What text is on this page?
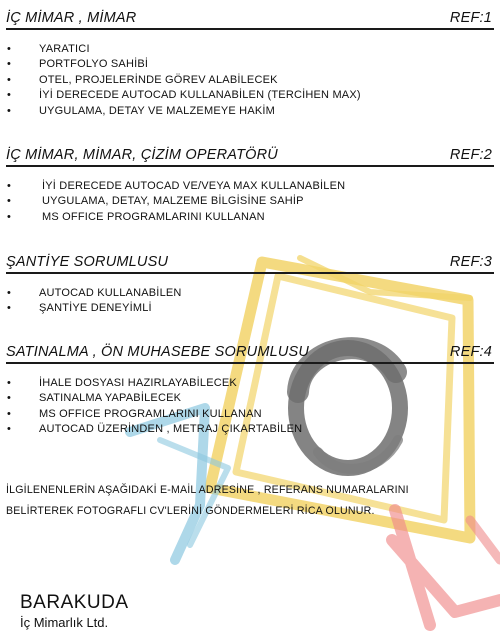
İÇ MİMAR , MİMAR	REF:1
•	YARATICI
•	PORTFOLYO SAHİBİ
•	OTEL, PROJELERİNDE GÖREV ALABİLECEK
•	İYİ DERECEDE AUTOCAD KULLANABİLEN (TERCİHEN MAX)
•	UYGULAMA, DETAY VE MALZEMEYE HAKİM
İÇ MİMAR, MİMAR, ÇİZİM OPERATÖRÜ	REF:2
•	İYİ DERECEDE AUTOCAD VE/VEYA MAX KULLANABİLEN
•	UYGULAMA, DETAY, MALZEME BİLGİSİNE SAHİP
•	MS OFFICE PROGRAMLARINI KULLANAN
ŞANTİYE SORUMLUSU	REF:3
•	AUTOCAD KULLANABİLEN
•	ŞANTİYE DENEYİMLİ
SATINALMA , ÖN MUHASEBE SORUMLUSU	REF:4
•	İHALE DOSYASI HAZIRLAYABİLECEK
•	SATINALMA YAPABİLECEK
•	MS OFFICE PROGRAMLARINI KULLANAN
•	AUTOCAD ÜZERİNDEN , METRAJ ÇIKARTABİLEN
İLGİLENENLERİN AŞAĞIDAKİ E-MAİL ADRESİNE , REFERANS NUMARALARINI
BELİRTEREK FOTOGRAFLI CV'LERİNİ GÖNDERMELERİ RİCA OLUNUR.
BARAKUDA
İç Mimarlık Ltd.
